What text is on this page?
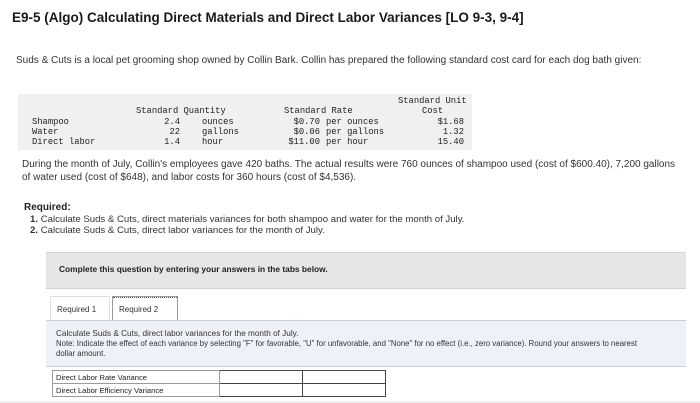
E9-5 (Algo) Calculating Direct Materials and Direct Labor Variances [LO 9-3, 9-4]
Suds & Cuts is a local pet grooming shop owned by Collin Bark. Collin has prepared the following standard cost card for each dog bath given:
Standard Quantity	Standard Rate
Standard Unit
Cost
Shampoo	2.4	ounces	$0.70 per ounces	$1.68
Water	22	gallons	$0.06 per gallons	1.32
Direct labor	1.4	hour	$11.00 per hour	15.40
During the month of July, Collin's employees gave 420 baths. The actual results were 760 ounces of shampoo used (cost of $600.40), 7,200 gallons of water used (cost of $648), and labor costs for 360 hours (cost of $4,536).
Required:
1. Calculate Suds & Cuts, direct materials variances for both shampoo and water for the month of July.
2. Calculate Suds & Cuts, direct labor variances for the month of July.
Complete this question by entering your answers in the tabs below.
Required 1	Required 2
Calculate Suds & Cuts, direct labor variances for the month of July.
Note: Indicate the effect of each variance by selecting "F" for favorable, "U" for unfavorable, and "None" for no effect (i.e., zero variance). Round your answers to nearest dollar amount.
Direct Labor Rate Variance		
Direct Labor Efficiency Variance		
